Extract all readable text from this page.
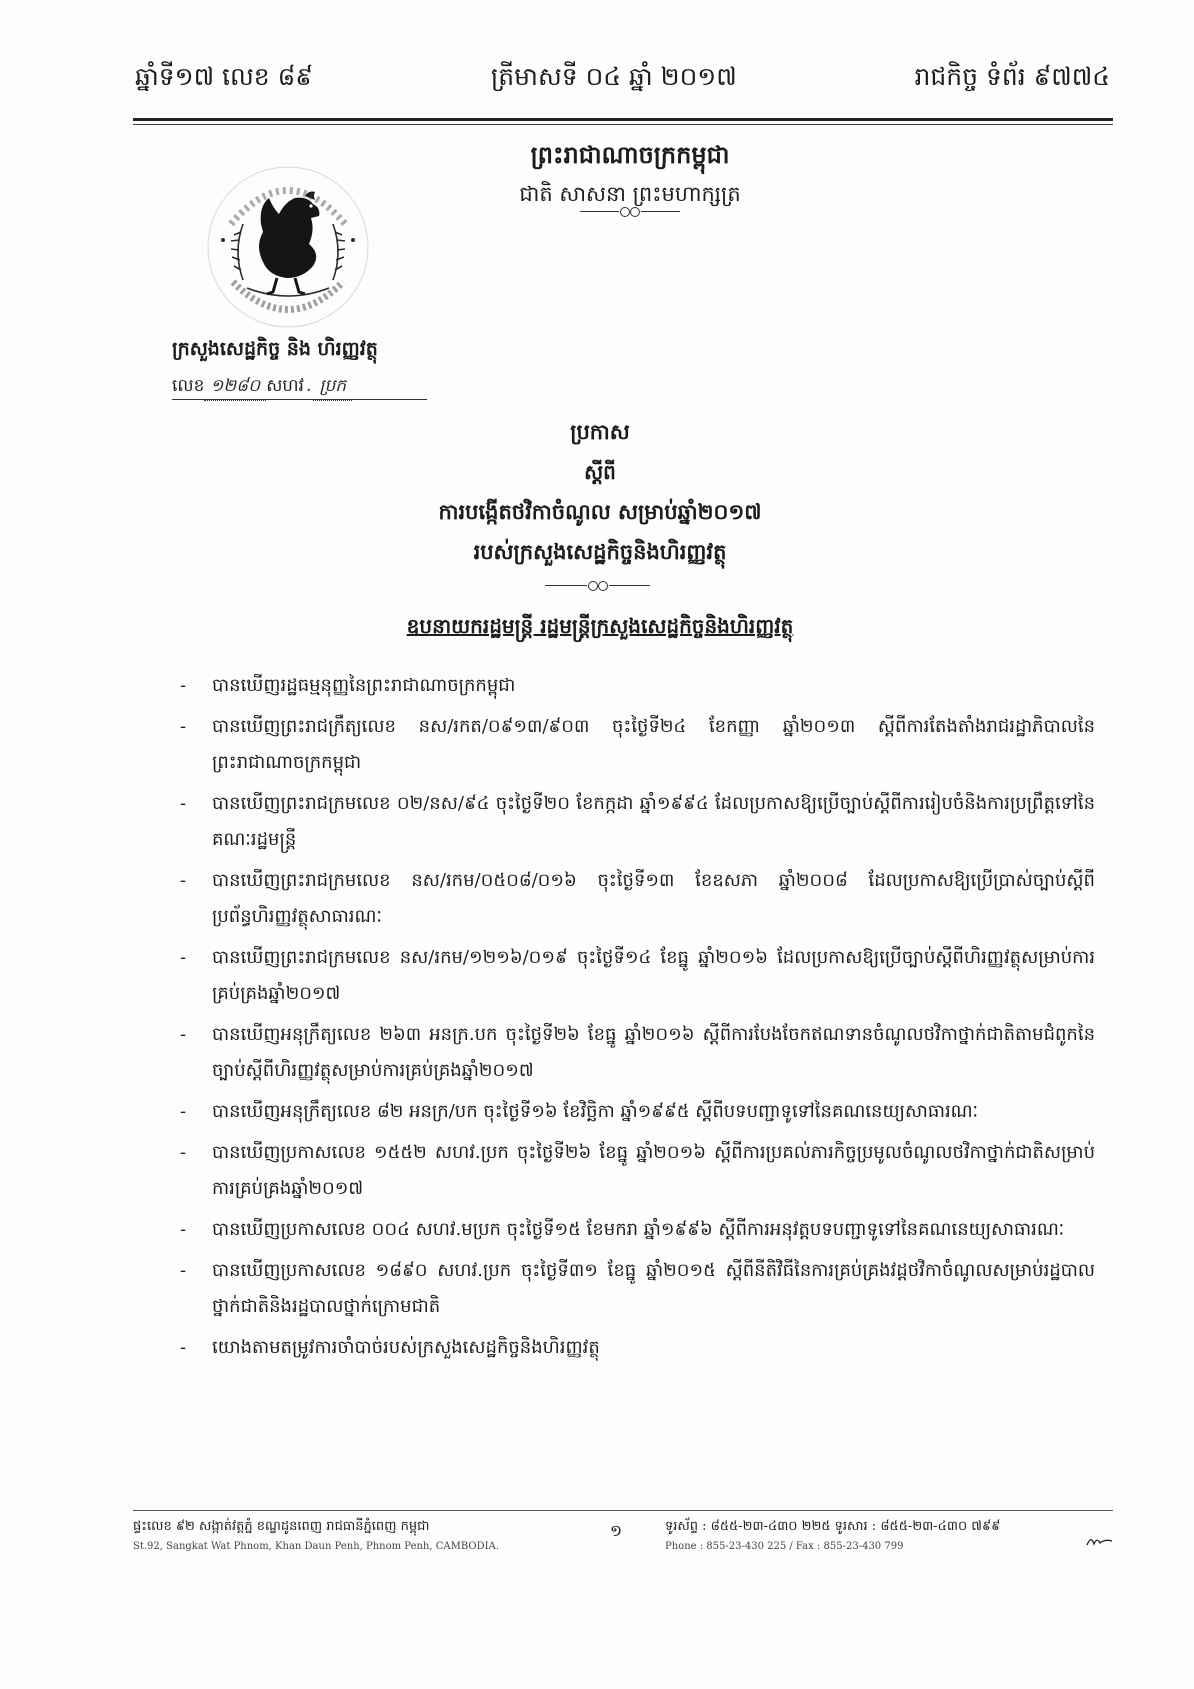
ឆ្នាំទី១៧ លេខ ៨៩	ត្រីមាសទី ០៤ ឆ្នាំ ២០១៧	រាជកិច្ច ទំព័រ ៩៧៧៤
ព្រះរាជាណាចក្រកម្ពុជា
ជាតិ សាសនា ព្រះមហាក្សត្រ
ក្រសួងសេដ្ឋកិច្ច និង ហិរញ្ញវត្ថុ
លេខ ១២៨០ សហវ . ប្រក
ប្រកាស
ស្តីពី
ការបង្កើតថវិកាចំណូល សម្រាប់ឆ្នាំ២០១៧
របស់ក្រសួងសេដ្ឋកិច្ចនិងហិរញ្ញវត្ថុ
ឧបនាយករដ្ឋមន្ត្រី រដ្ឋមន្ត្រីក្រសួងសេដ្ឋកិច្ចនិងហិរញ្ញវត្ថុ
-	បានឃើញរដ្ឋធម្មនុញ្ញនៃព្រះរាជាណាចក្រកម្ពុជា
-	បានឃើញព្រះរាជក្រឹត្យលេខ នស/រកត/០៩១៣/៩០៣ ចុះថ្ងៃទី២៤ ខែកញ្ញា ឆ្នាំ២០១៣ ស្តីពីការតែងតាំងរាជរដ្ឋាភិបាលនៃព្រះរាជាណាចក្រកម្ពុជា
-	បានឃើញព្រះរាជក្រមលេខ ០២/នស/៩៤ ចុះថ្ងៃទី២០ ខែកក្កដា ឆ្នាំ១៩៩៤ ដែលប្រកាសឱ្យប្រើច្បាប់ស្តីពីការរៀបចំនិងការប្រព្រឹត្តទៅនៃគណៈរដ្ឋមន្ត្រី
-	បានឃើញព្រះរាជក្រមលេខ នស/រកម/០៥០៨/០១៦ ចុះថ្ងៃទី១៣ ខែឧសភា ឆ្នាំ២០០៨ ដែលប្រកាសឱ្យប្រើប្រាស់ច្បាប់ស្តីពីប្រព័ន្ធហិរញ្ញវត្ថុសាធារណៈ
-	បានឃើញព្រះរាជក្រមលេខ នស/រកម/១២១៦/០១៩ ចុះថ្ងៃទី១៤ ខែធ្នូ ឆ្នាំ២០១៦ ដែលប្រកាសឱ្យប្រើច្បាប់ស្តីពីហិរញ្ញវត្ថុសម្រាប់ការគ្រប់គ្រងឆ្នាំ២០១៧
-	បានឃើញអនុក្រឹត្យលេខ ២៦៣ អនក្រ.បក ចុះថ្ងៃទី២៦ ខែធ្នូ ឆ្នាំ២០១៦ ស្តីពីការបែងចែកឥណទានចំណូលថវិកាថ្នាក់ជាតិតាមជំពូកនៃច្បាប់ស្តីពីហិរញ្ញវត្ថុសម្រាប់ការគ្រប់គ្រងឆ្នាំ២០១៧
-	បានឃើញអនុក្រឹត្យលេខ ៨២ អនក្រ/បក ចុះថ្ងៃទី១៦ ខែវិច្ឆិកា ឆ្នាំ១៩៩៥ ស្តីពីបទបញ្ជាទូទៅនៃគណនេយ្យសាធារណៈ
-	បានឃើញប្រកាសលេខ ១៥៥២ សហវ.ប្រក ចុះថ្ងៃទី២៦ ខែធ្នូ ឆ្នាំ២០១៦ ស្តីពីការប្រគល់ភារកិច្ចប្រមូលចំណូលថវិកាថ្នាក់ជាតិសម្រាប់ការគ្រប់គ្រងឆ្នាំ២០១៧
-	បានឃើញប្រកាសលេខ ០០៤ សហវ.មប្រក ចុះថ្ងៃទី១៥ ខែមករា ឆ្នាំ១៩៩៦ ស្តីពីការអនុវត្តបទបញ្ជាទូទៅនៃគណនេយ្យសាធារណៈ
-	បានឃើញប្រកាសលេខ ១៨៩០ សហវ.ប្រក ចុះថ្ងៃទី៣១ ខែធ្នូ ឆ្នាំ២០១៥ ស្តីពីនីតិវិធីនៃការគ្រប់គ្រងវដ្តថវិកាចំណូលសម្រាប់រដ្ឋបាលថ្នាក់ជាតិនិងរដ្ឋបាលថ្នាក់ក្រោមជាតិ
-	យោងតាមតម្រូវការចាំបាច់របស់ក្រសួងសេដ្ឋកិច្ចនិងហិរញ្ញវត្ថុ
ផ្ទះលេខ ៩២ សង្កាត់វត្តភ្នំ ខណ្ឌដូនពេញ រាជធានីភ្នំពេញ កម្ពុជា
St.92, Sangkat Wat Phnom, Khan Daun Penh, Phnom Penh, CAMBODIA.
១	ទូរស័ព្ទ : ៨៥៥-២៣-៤៣០ ២២៥ ទូរសារ : ៨៥៥-២៣-៤៣០ ៧៩៩
Phone : 855-23-430 225 / Fax : 855-23-430 799
